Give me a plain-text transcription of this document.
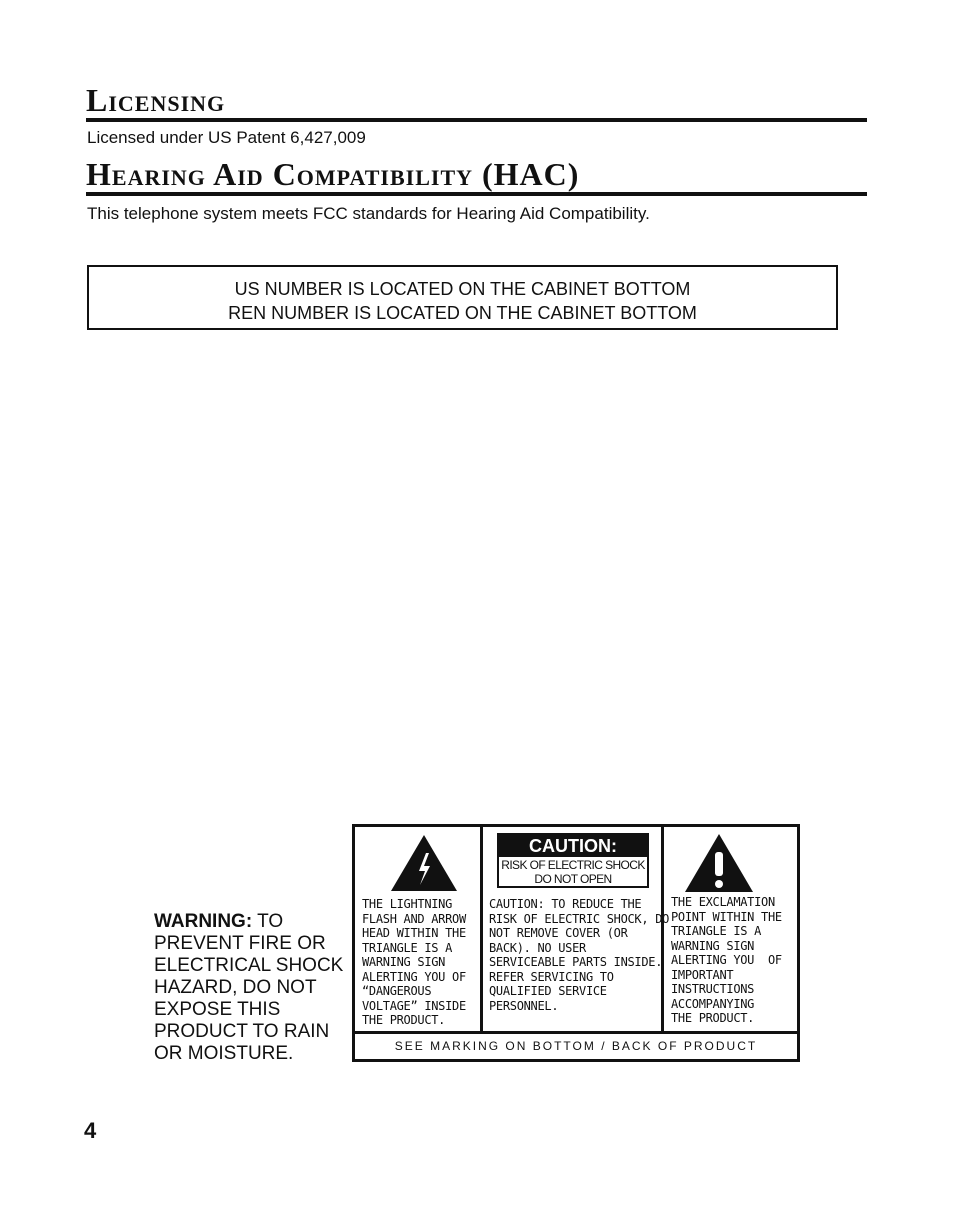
Licensing
Licensed under US Patent 6,427,009
Hearing Aid Compatibility (HAC)
This telephone system meets FCC standards for Hearing Aid Compatibility.
US NUMBER IS LOCATED ON THE CABINET BOTTOM
REN NUMBER IS LOCATED ON THE CABINET BOTTOM
WARNING: TO PREVENT FIRE OR ELECTRICAL SHOCK HAZARD, DO NOT EXPOSE THIS PRODUCT TO RAIN OR MOISTURE.
THE LIGHTNING
FLASH AND ARROW
HEAD WITHIN THE
TRIANGLE IS A
WARNING SIGN
ALERTING YOU OF
“DANGEROUS
VOLTAGE” INSIDE
THE PRODUCT.
CAUTION:
RISK OF ELECTRIC SHOCK
DO NOT OPEN
CAUTION: TO REDUCE THE
RISK OF ELECTRIC SHOCK, DO
NOT REMOVE COVER (OR
BACK). NO USER
SERVICEABLE PARTS INSIDE.
REFER SERVICING TO
QUALIFIED SERVICE
PERSONNEL.
THE EXCLAMATION
POINT WITHIN THE
TRIANGLE IS A
WARNING SIGN
ALERTING YOU  OF
IMPORTANT
INSTRUCTIONS
ACCOMPANYING
THE PRODUCT.
SEE MARKING ON BOTTOM / BACK OF PRODUCT
4
